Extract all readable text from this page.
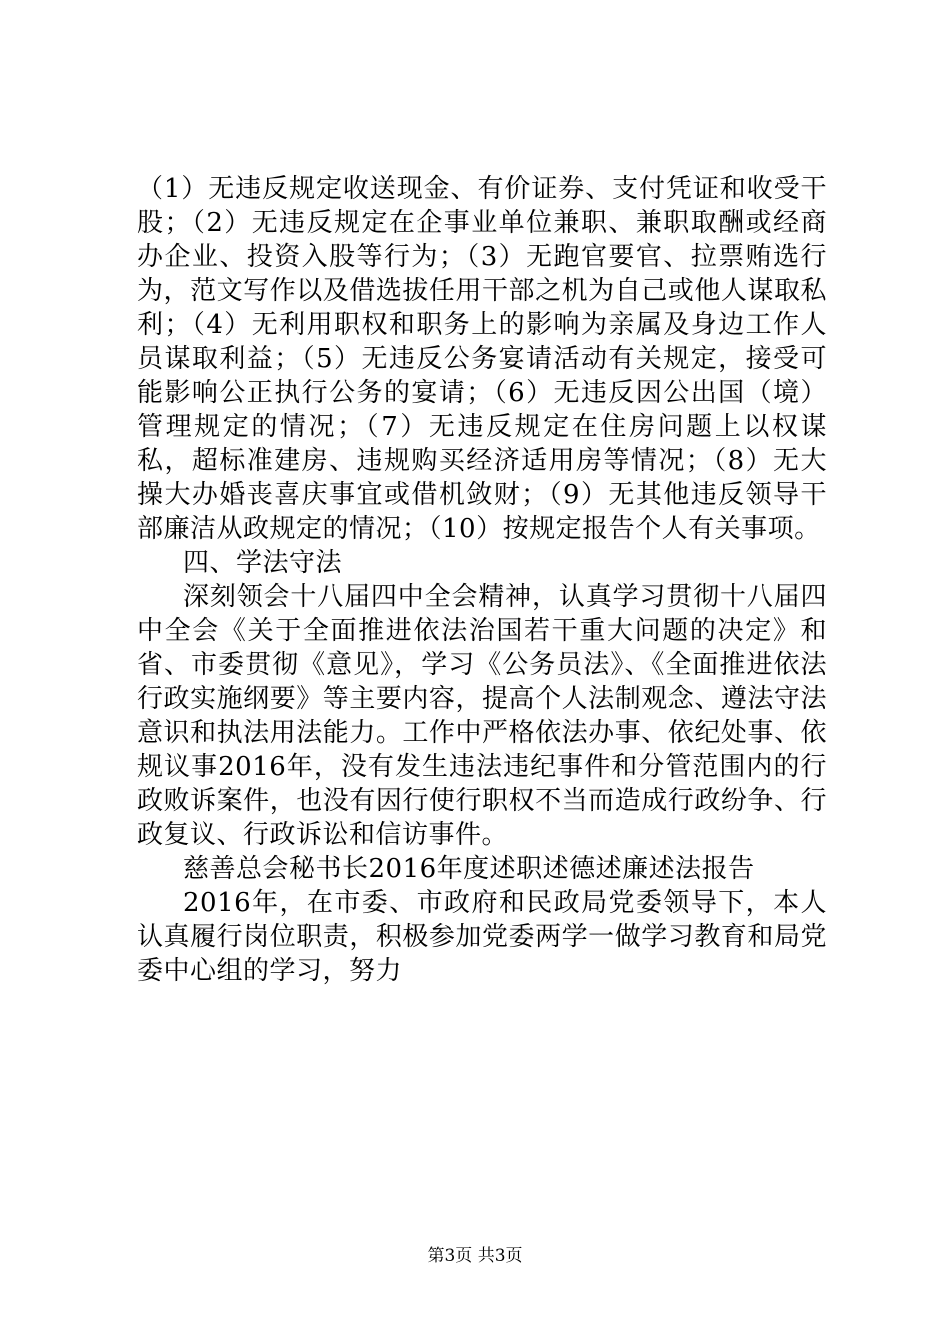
（1）无违反规定收送现金、有价证券、支付凭证和收受干股；（2）无违反规定在企事业单位兼职、兼职取酬或经商办企业、投资入股等行为；（3）无跑官要官、拉票贿选行为，范文写作以及借选拔任用干部之机为自己或他人谋取私利；（4）无利用职权和职务上的影响为亲属及身边工作人员谋取利益；（5）无违反公务宴请活动有关规定，接受可能影响公正执行公务的宴请；（6）无违反因公出国（境）管理规定的情况；（7）无违反规定在住房问题上以权谋私，超标准建房、违规购买经济适用房等情况；（8）无大操大办婚丧喜庆事宜或借机敛财；（9）无其他违反领导干部廉洁从政规定的情况；（10）按规定报告个人有关事项。

四、学法守法

深刻领会十八届四中全会精神，认真学习贯彻十八届四中全会《关于全面推进依法治国若干重大问题的决定》和省、市委贯彻《意见》，学习《公务员法》、《全面推进依法行政实施纲要》等主要内容，提高个人法制观念、遵法守法意识和执法用法能力。工作中严格依法办事、依纪处事、依规议事2016年，没有发生违法违纪事件和分管范围内的行政败诉案件，也没有因行使行职权不当而造成行政纷争、行政复议、行政诉讼和信访事件。

慈善总会秘书长2016年度述职述德述廉述法报告

2016年，在市委、市政府和民政局党委领导下，本人认真履行岗位职责，积极参加党委两学一做学习教育和局党委中心组的学习，努力

第3页 共3页
